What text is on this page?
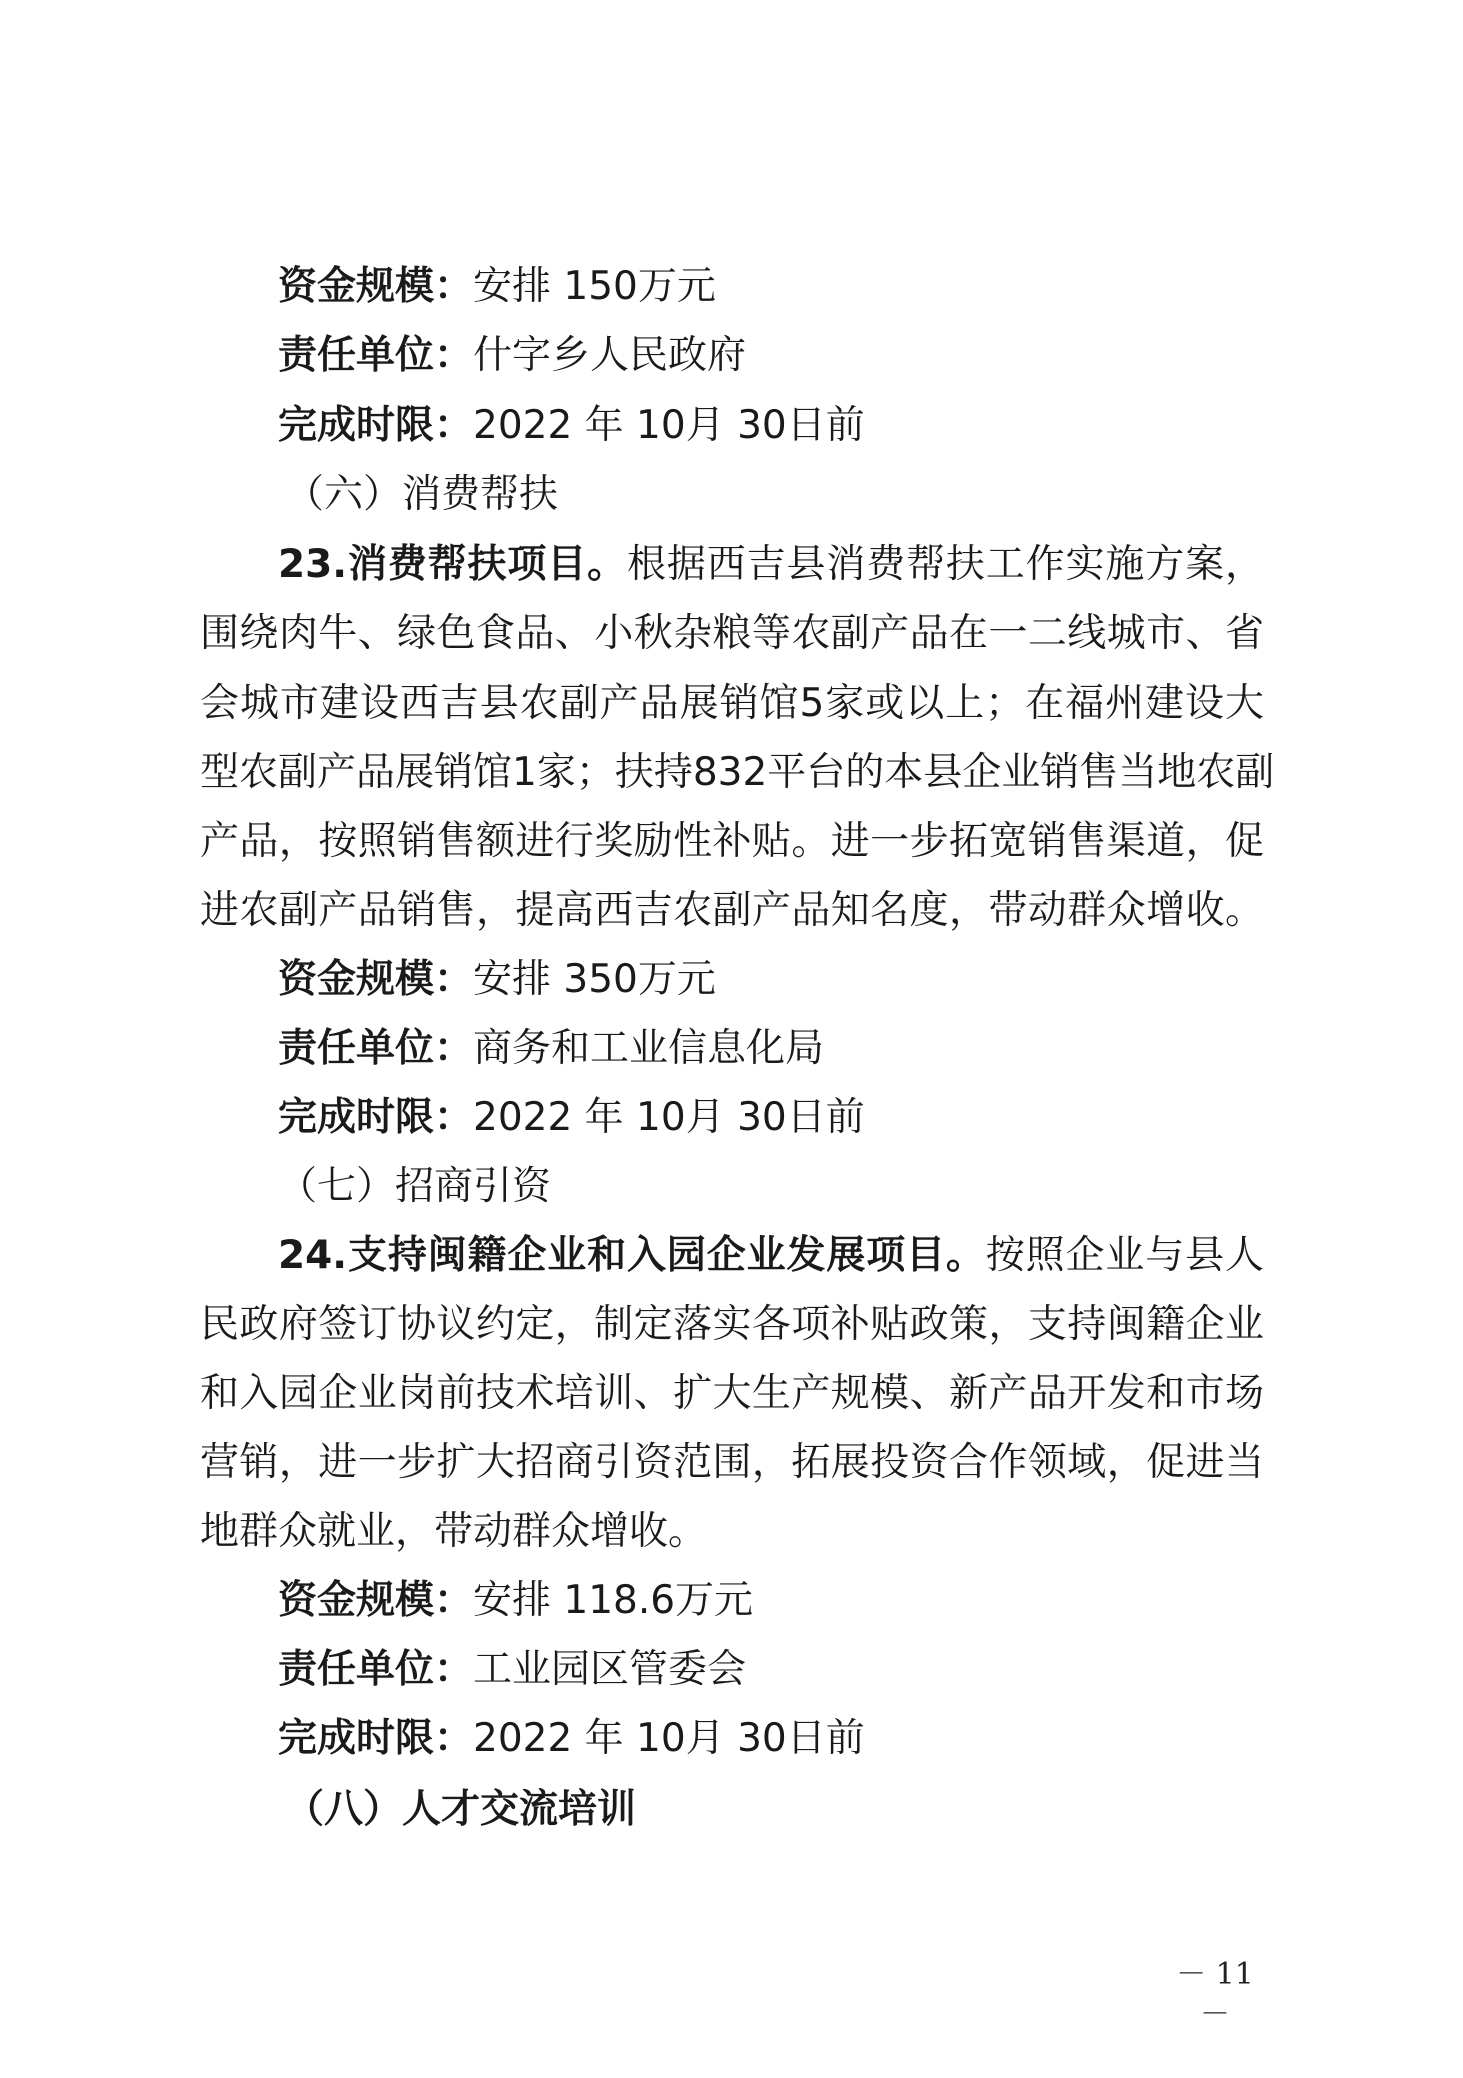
资金规模：安排 150万元
责任单位：什字乡人民政府
完成时限：2022 年 10月 30日前
（六）消费帮扶
23.消费帮扶项目。根据西吉县消费帮扶工作实施方案，
围绕肉牛、绿色食品、小秋杂粮等农副产品在一二线城市、省
会城市建设西吉县农副产品展销馆5家或以上；在福州建设大
型农副产品展销馆1家；扶持832平台的本县企业销售当地农副
产品，按照销售额进行奖励性补贴。进一步拓宽销售渠道，促
进农副产品销售，提高西吉农副产品知名度，带动群众增收。
资金规模：安排 350万元
责任单位：商务和工业信息化局
完成时限：2022 年 10月 30日前
（七）招商引资
24.支持闽籍企业和入园企业发展项目。按照企业与县人
民政府签订协议约定，制定落实各项补贴政策，支持闽籍企业
和入园企业岗前技术培训、扩大生产规模、新产品开发和市场
营销，进一步扩大招商引资范围，拓展投资合作领域，促进当
地群众就业，带动群众增收。
资金规模：安排 118.6万元
责任单位：工业园区管委会
完成时限：2022 年 10月 30日前
（八）人才交流培训
－ 11 －
